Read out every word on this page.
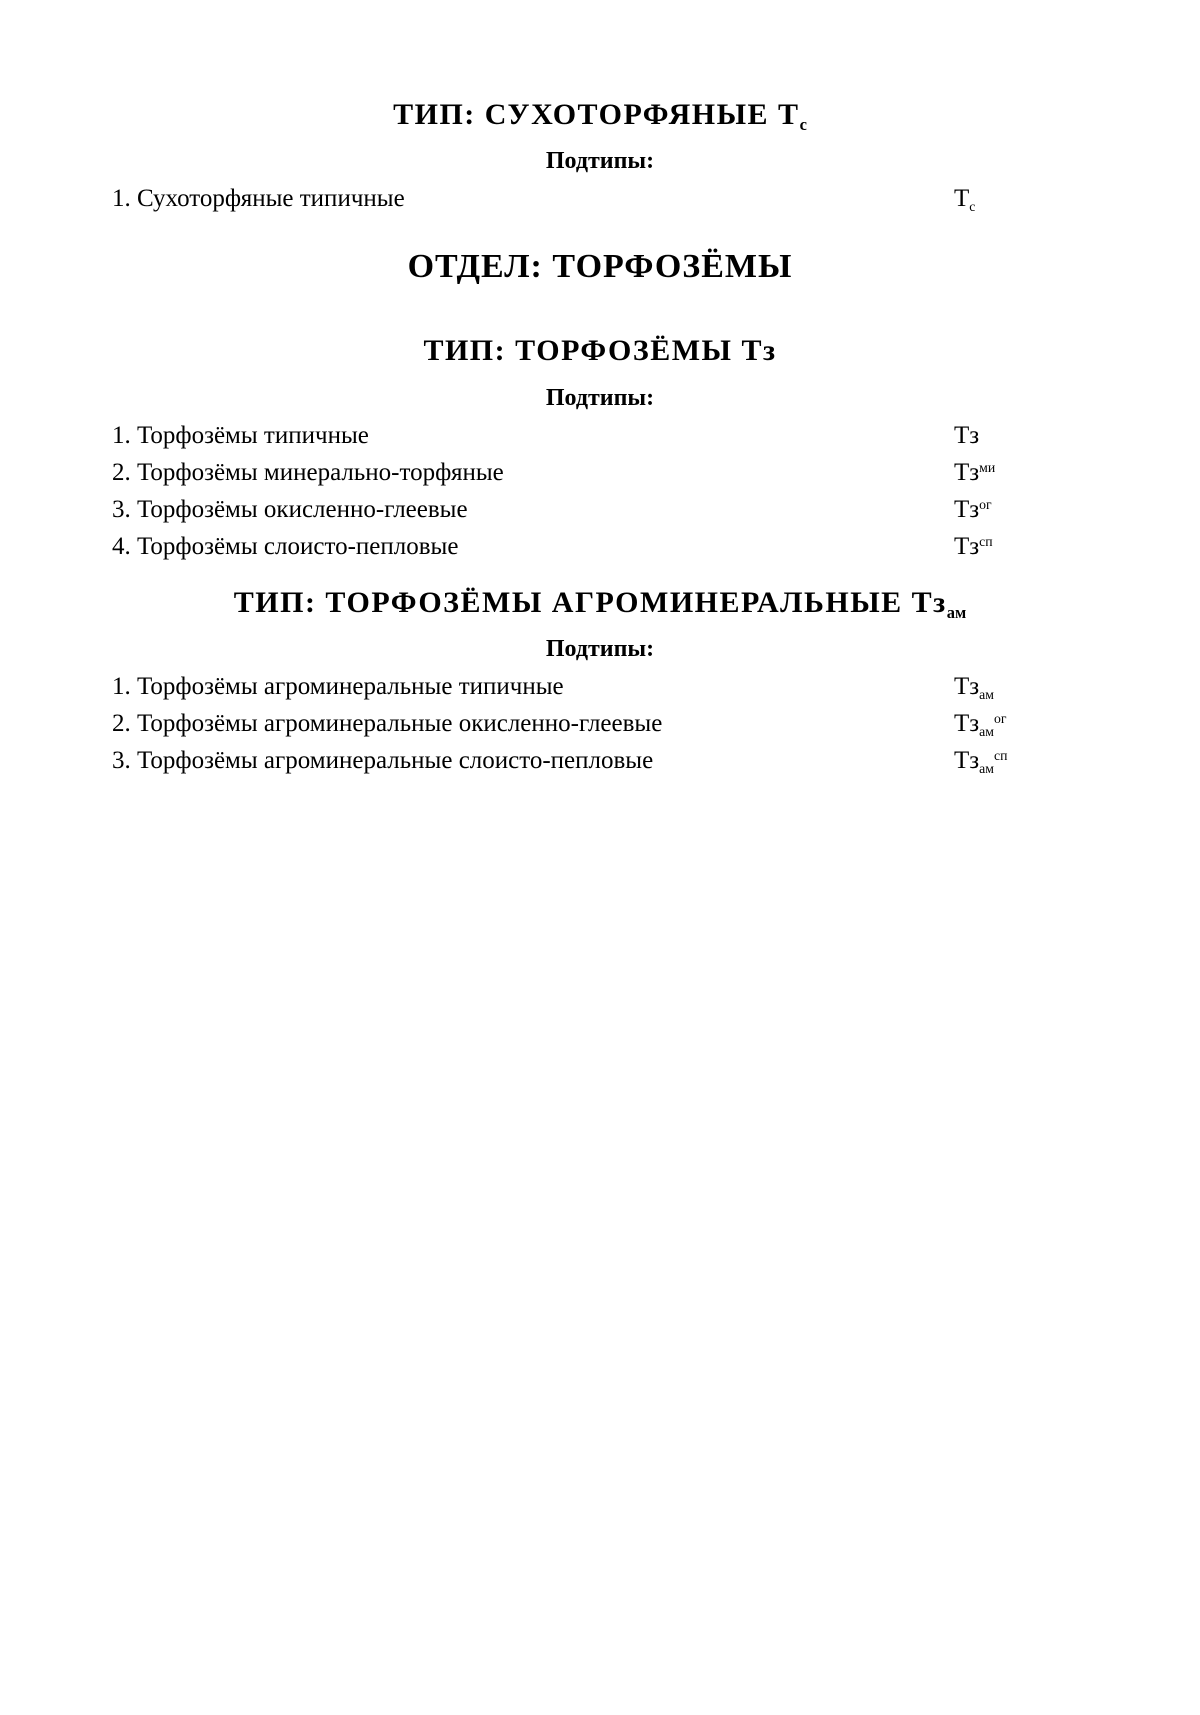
ТИП: СУХОТОРФЯНЫЕ $Т_с$
Подтипы:
1. Сухоторфяные типичные	$Т_с$
ОТДЕЛ: ТОРФОЗЁМЫ
ТИП: ТОРФОЗЁМЫ Тз
Подтипы:
1. Торфозёмы типичные	Тз
2. Торфозёмы минерально-торфяные	$Тз^{ми}$
3. Торфозёмы окисленно-глеевые	$Тз^{ог}$
4. Торфозёмы слоисто-пепловые	$Тз^{сп}$
ТИП: ТОРФОЗЁМЫ АГРОМИНЕРАЛЬНЫЕ $Тз_{ам}$
Подтипы:
1. Торфозёмы агроминеральные типичные	$Тз_{ам}$
2. Торфозёмы агроминеральные окисленно-глеевые	$Тз_{ам}^{ог}$
3. Торфозёмы агроминеральные слоисто-пепловые	$Тз_{ам}^{сп}$
